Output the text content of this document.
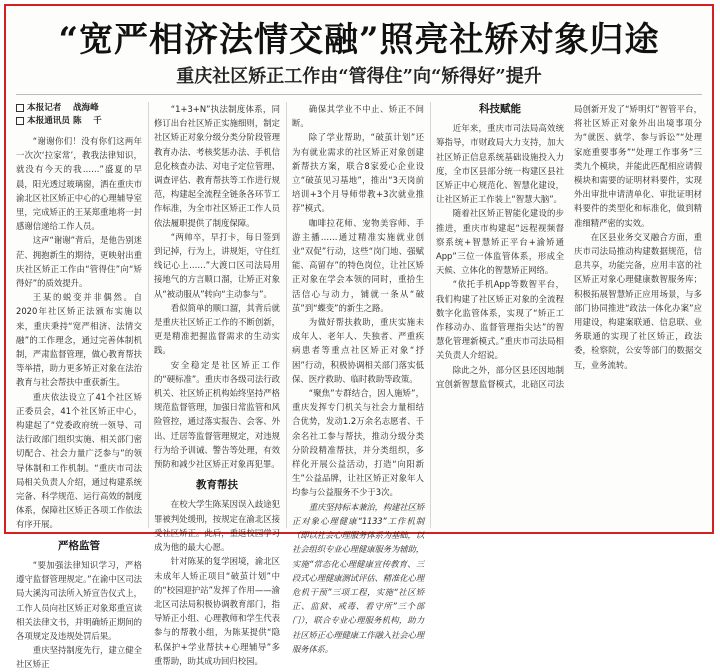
“宽严相济法情交融”照亮社矫对象归途
重庆社区矫正工作由“管得住”向“矫得好”提升
本报记者　 战海峰
本报通讯员 陈　 千

“谢谢你们！没有你们这两年一次次‘拉家常’，教我法律知识，就没有今天的我……”盛夏的早晨，阳光透过玻璃窗，洒在重庆市渝北区社区矫正中心的心理辅导室里，完成矫正的王某郑重地将一封感谢信递给工作人员。

这声“谢谢”背后，是他告别迷茫、拥抱新生的期待，更映射出重庆社区矫正工作由“管得住”向“矫得好”的质效提升。

王某的蜕变并非偶然。自2020年社区矫正法颁布实施以来，重庆秉持“宽严相济、法情交融”的工作理念，通过完善体制机制，严肃监督管理，做心教育帮扶等举措，助力更多矫正对象在法治教育与社会帮扶中重获新生。

重庆依法设立了41个社区矫正委员会，41个社区矫正中心，构建起了“党委政府统一领导、司法行政部门组织实施、相关部门密切配合、社会力量广泛参与”的领导体制和工作机制。“重庆市司法局相关负责人介绍，通过构建系统完备、科学规范、运行高效的制度体系，保障社区矫正各项工作依法有序开展。

严格监管

“要加强法律知识学习，严格遵守监督管理规定。”在渝中区司法局大溪沟司法所入矫宣告仪式上，工作人员向社区矫正对象郑重宣读相关法律文书，并明确矫正期间的各项规定及违规处罚后果。

重庆坚持制度先行，建立健全社区矫正

“1+3+N”执法制度体系，同修订出台社区矫正实施细则，制定社区矫正对象分级分类分阶段管理教育办法、考核奖惩办法、手机信息化核查办法、对电子定位管理、调查评估、教育帮扶等工作进行规范，构建起全流程全链条各环节工作标准，为全市社区矫正工作人员依法履职提供了制度保障。

“两帅卒，早打卡，每日签到到记掉，行为上，讲规矩，守住红线记心上……”大渡口区司法局用接地气的方言顺口溜，让矫正对象从“被动服从”转向“主动参与”。

看似简单的顺口溜，其背后就是重庆社区矫正工作的不断创新，更是精准把握监督需求的生动实践。

安全稳定是社区矫正工作的“硬标准”。重庆市各级司法行政机关、社区矫正机构始终坚持严格规范监督管理，加强日常监管和风险管控，通过落实报告、会客、外出、迁居等监督管理规定，对违规行为给予训诫、警告等处理，有效预防和减少社区矫正对象再犯罪。

教育帮扶

在校大学生陈某因误入歧途犯罪被判处缓刑，按规定在渝北区接受社区矫正。此后，重返校园学习成为他的最大心愿。

针对陈某的复学困境，渝北区未成年人矫正项目“破茧计划”中的“校园迎护站”发挥了作用——渝北区司法局积极协调教育部门，指导矫正小组、心理教师和学生代表参与的帮教小组，为陈某提供“隐私保护+学业帮扶+心理辅导”多重帮助，助其成功回归校园。

确保其学业不中止、矫正不间断。

除了学业帮助，“破茧计划”还为有就业需求的社区矫正对象创建新帮扶方案，联合8家爱心企业设立“破茧见习基地”，推出“3天岗前培训+3个月导师带教+3次就业推荐”模式。

咖啡拉花师、宠物美容师、手游主播……通过精准实施就业创业“双促”行动，这些“岗门地、强赋能、高留存”的特色岗位，让社区矫正对象在学会本领的同时，重拾生活信心与动力，铺就一条从“破茧”到“蝶变”的新生之路。

为做好帮扶救助，重庆实施未成年人、老年人、失独者、严重疾病患者等重点社区矫正对象“抒困”行动，积极协调相关部门落实低保、医疗救助、临时救助等政策。

“聚焦”专群结合，因人施矫”，重庆发挥专门机关与社会力量相结合优势，发动1.2万余名志愿者、千余名社工参与帮扶，推动分级分类分阶段精准帮扶，并分类组织，多样化开展公益活动，打造“向阳新生”公益品牌，让社区矫正对象年人均参与公益服务不少于3次。

重庆坚持标本兼治，构建社区矫正对象心理健康“1133”工作机制（即以社会心理服务体系为基础，以社会组织专业心理健康服务为辅助，实施“常态化心理健康宣传教育、三段式心理健康测试评估、精准化心理危机干预”三项工程，实施“社区矫正、监狱、戒毒、看守所”三个部门），联合专业心理服务机构，助力社区矫正心理健康工作融入社会心理服务体系。

科技赋能

近年来，重庆市司法局高效统筹指导，市财政局大力支持，加大社区矫正信息系统基础设施投入力度，全市区县部分统一构建区县社区矫正中心规范化、智慧化建设，让社区矫正工作装上“智慧大脑”。

随着社区矫正智能化建设的步推进，重庆市构建起“远程视频督察系统+智慧矫正平台+渝矫通App”三位一体监管体系，形成全天候、立体化的智慧矫正网络。

“依托手机App等数智平台，我们构建了社区矫正对象的全流程数字化监管体系，实现了“矫正工作移动办、监督管理指尖达”的智慧化管理新模式。”重庆市司法局相关负责人介绍说。

除此之外，部分区县还因地制宜创新智慧监督模式，北碚区司法局创新开发了“矫明灯”智管平台，将社区矫正对象外出出境事项分为“就医、就学、参与诉讼”“处理家庭重要事务”“处理工作事务”三类九个模块，并能此匹配相应请假模块和需要的证明材料要件，实现外出审批申请清单化、审批证明材料要件的类型化和标准化，做到精准细精严密的实效。

在区县业务交叉融合方面，重庆市司法局推动构建数据规范，信息共享，功能完备，应用丰富的社区矫正对象心理健康数智服务库；积极拓展智慧矫正应用场景，与多部门协同推进“政法一体化办案”应用建设，构建案联通、信息联、业务联通的实现了社区矫正，政法委，检察院，公安等部门的数据交互，业务流转。
